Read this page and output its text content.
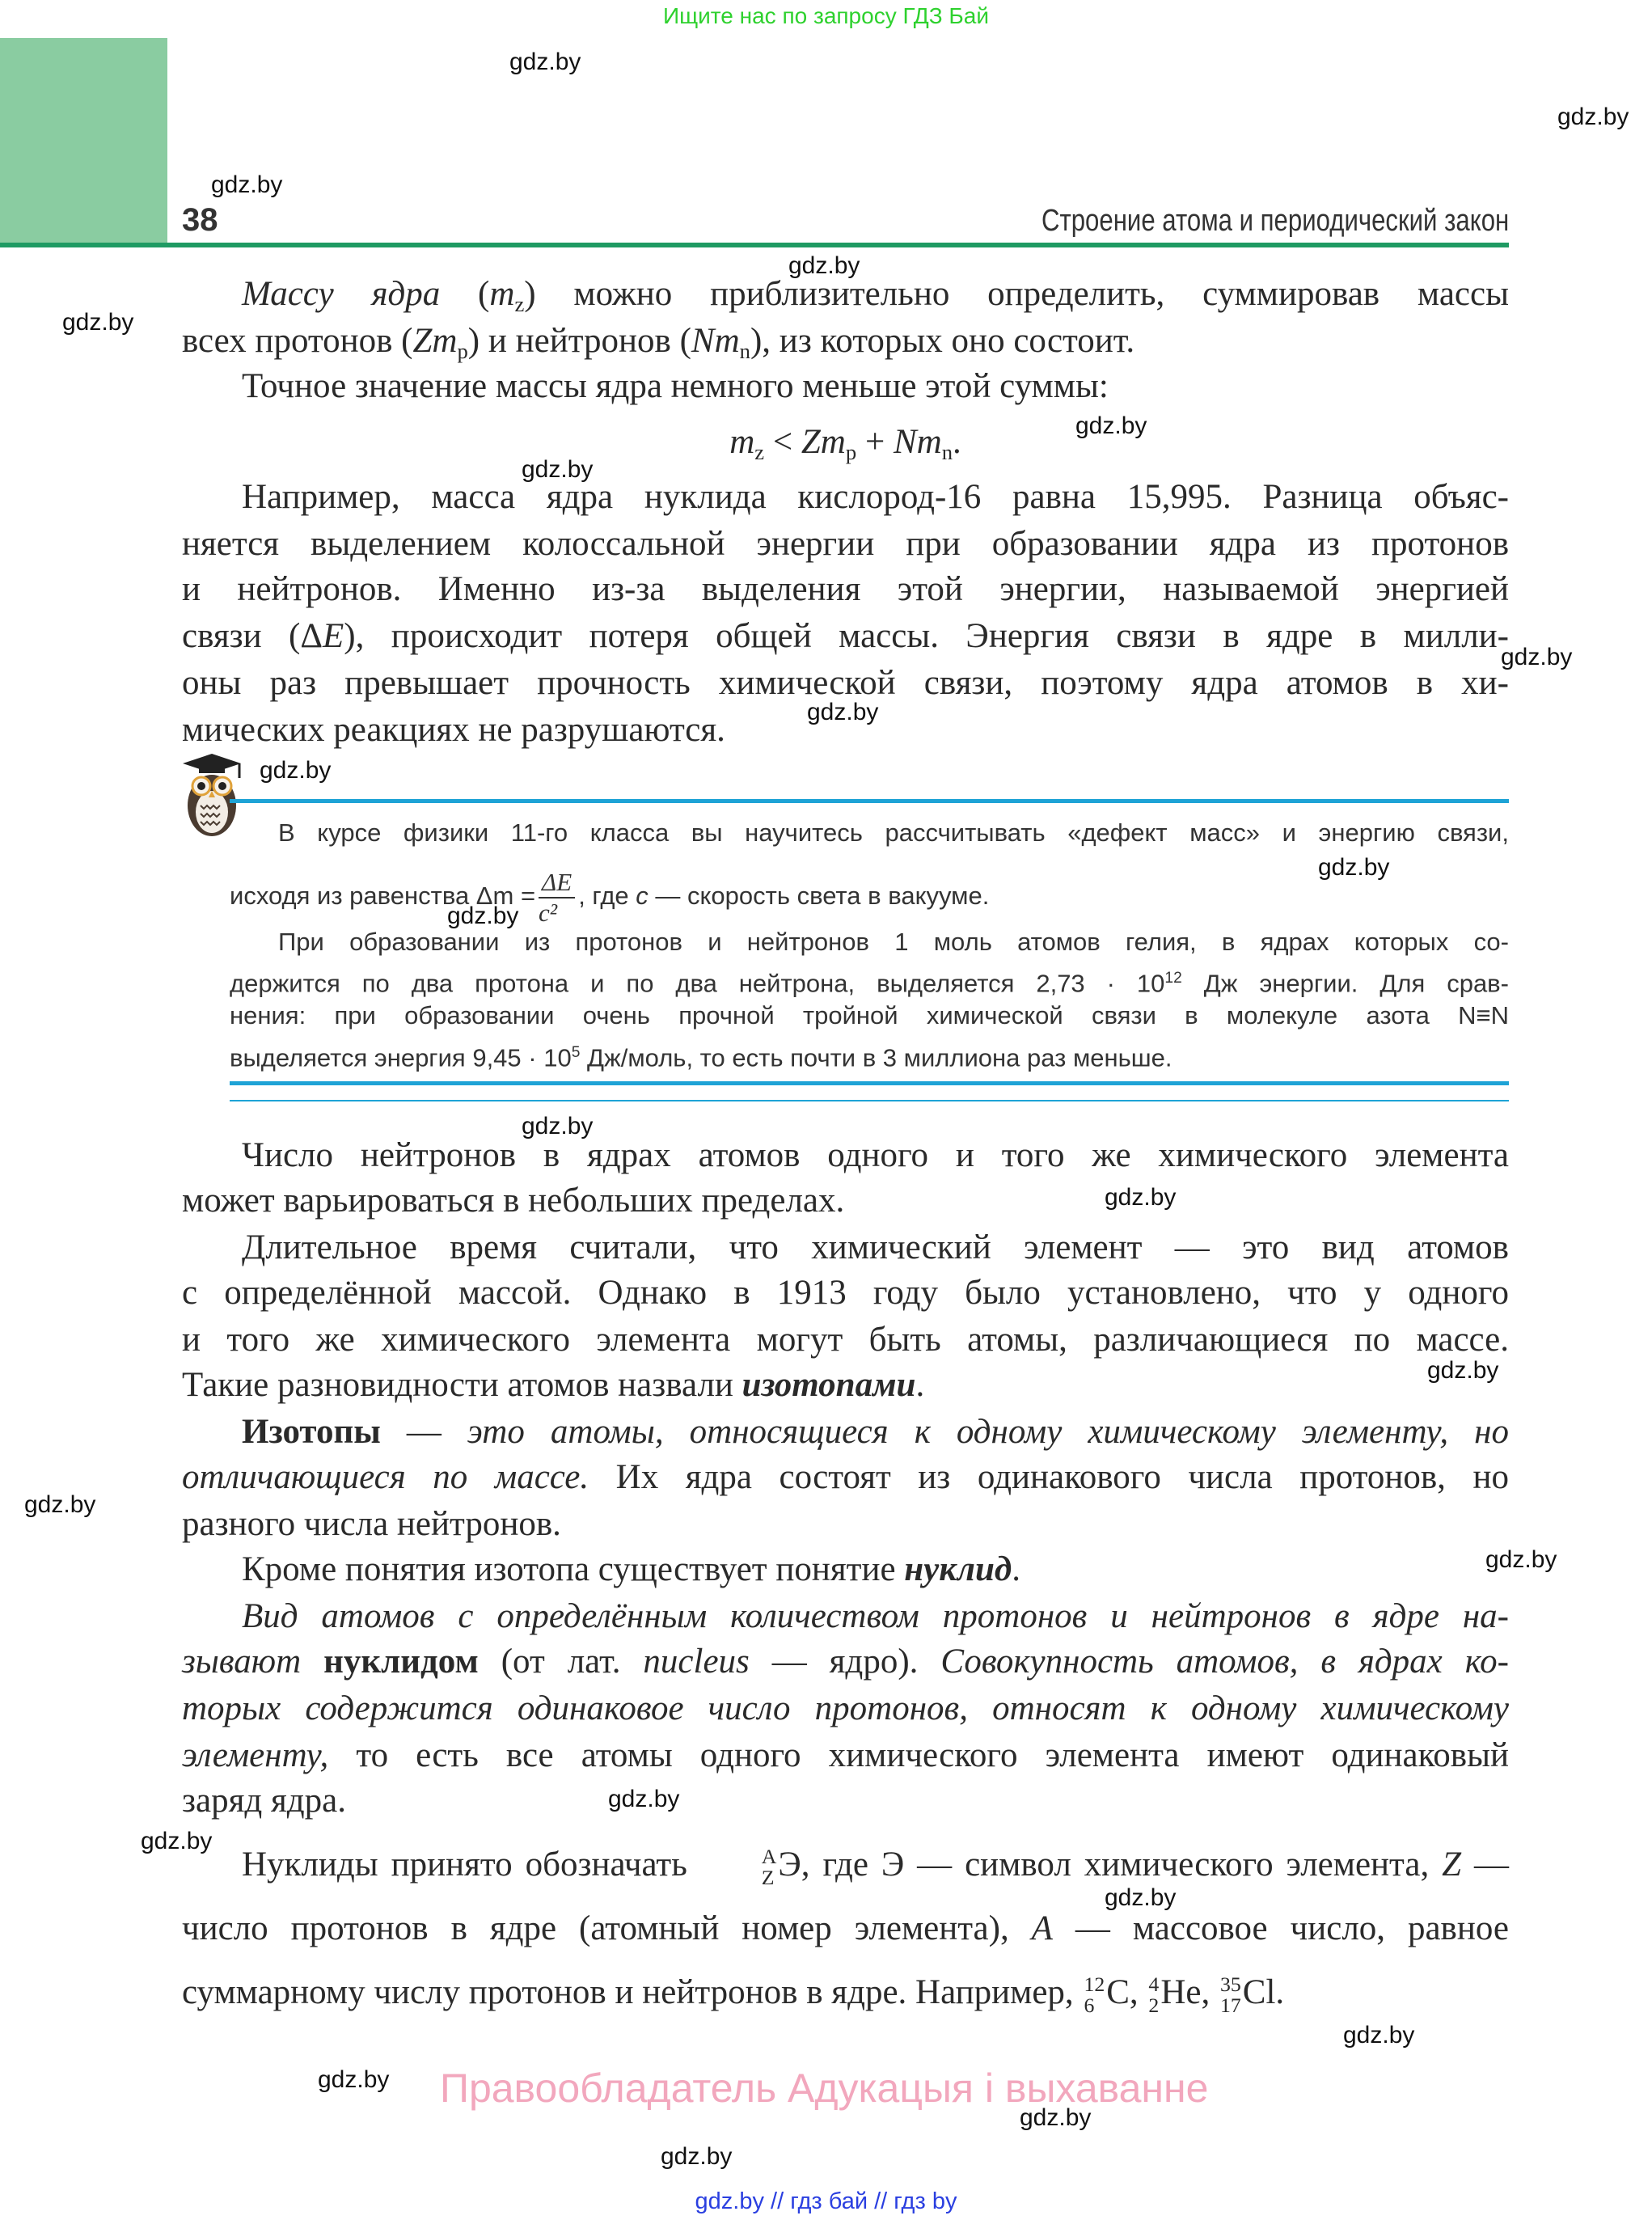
Ищите нас по запросу ГДЗ Бай
38	Строение атома и периодический закон
Массу ядра (mz) можно приблизительно определить, суммировав массы
всех протонов (Zmp) и нейтронов (Nmn), из которых оно состоит.
Точное значение массы ядра немного меньше этой суммы:
mz < Zmp + Nmn.
Например, масса ядра нуклида кислород-16 равна 15,995. Разница объяс-
няется выделением колоссальной энергии при образовании ядра из протонов
и нейтронов. Именно из-за выделения этой энергии, называемой энергией
связи (ΔE), происходит потеря общей массы. Энергия связи в ядре в милли-
оны раз превышает прочность химической связи, поэтому ядра атомов в хи-
мических реакциях не разрушаются.
В курсе физики 11-го класса вы научитесь рассчитывать «дефект масс» и энергию связи,
исходя из равенства $\Delta m = \frac{\Delta E}{\text{c²}}$ , где c — скорость света в вакууме.
При образовании из протонов и нейтронов 1 моль атомов гелия, в ядрах которых со-
держится по два протона и по два нейтрона, выделяется $2,73 \cdot 10^{12}$ Дж энергии. Для срав-
нения: при образовании очень прочной тройной химической связи в молекуле азота N≡N
выделяется энергия $9,45 \cdot 10^5$ Дж/моль, то есть почти в 3 миллиона раз меньше.
Число нейтронов в ядрах атомов одного и того же химического элемента
может варьироваться в небольших пределах.
Длительное время считали, что химический элемент — это вид атомов
с определённой массой. Однако в 1913 году было установлено, что у одного
и того же химического элемента могут быть атомы, различающиеся по массе.
Такие разновидности атомов назвали изотопами.
Изотопы — это атомы, относящиеся к одному химическому элементу, но
отличающиеся по массе. Их ядра состоят из одинакового числа протонов, но
разного числа нейтронов.
Кроме понятия изотопа существует понятие нуклид.
Вид атомов с определённым количеством протонов и нейтронов в ядре на-
зывают нуклидом (от лат. nucleus — ядро). Совокупность атомов, в ядрах ко-
торых содержится одинаковое число протонов, относят к одному химическому
элементу, то есть все атомы одного химического элемента имеют одинаковый
заряд ядра.
Нуклиды принято обозначать	A
Z Э, где Э — символ химического элемента, Z —
число протонов в ядре (атомный номер элемента), A — массовое число, равное
суммарному числу протонов и нейтронов в ядре. Например, 12
6 C, 4
2 He, 35
17 Cl.
gdz.by
gdz.by
gdz.by
gdz.by
gdz.by
gdz.by
gdz.by
gdz.by
gdz.by
gdz.by
gdz.by
gdz.by
gdz.by
gdz.by
gdz.by
gdz.by
gdz.by
gdz.by
gdz.by
gdz.by
gdz.by
gdz.by
gdz.by
gdz.by
Правообладатель Адукацыя і выхаванне
gdz.by // гдз бай // гдз by
